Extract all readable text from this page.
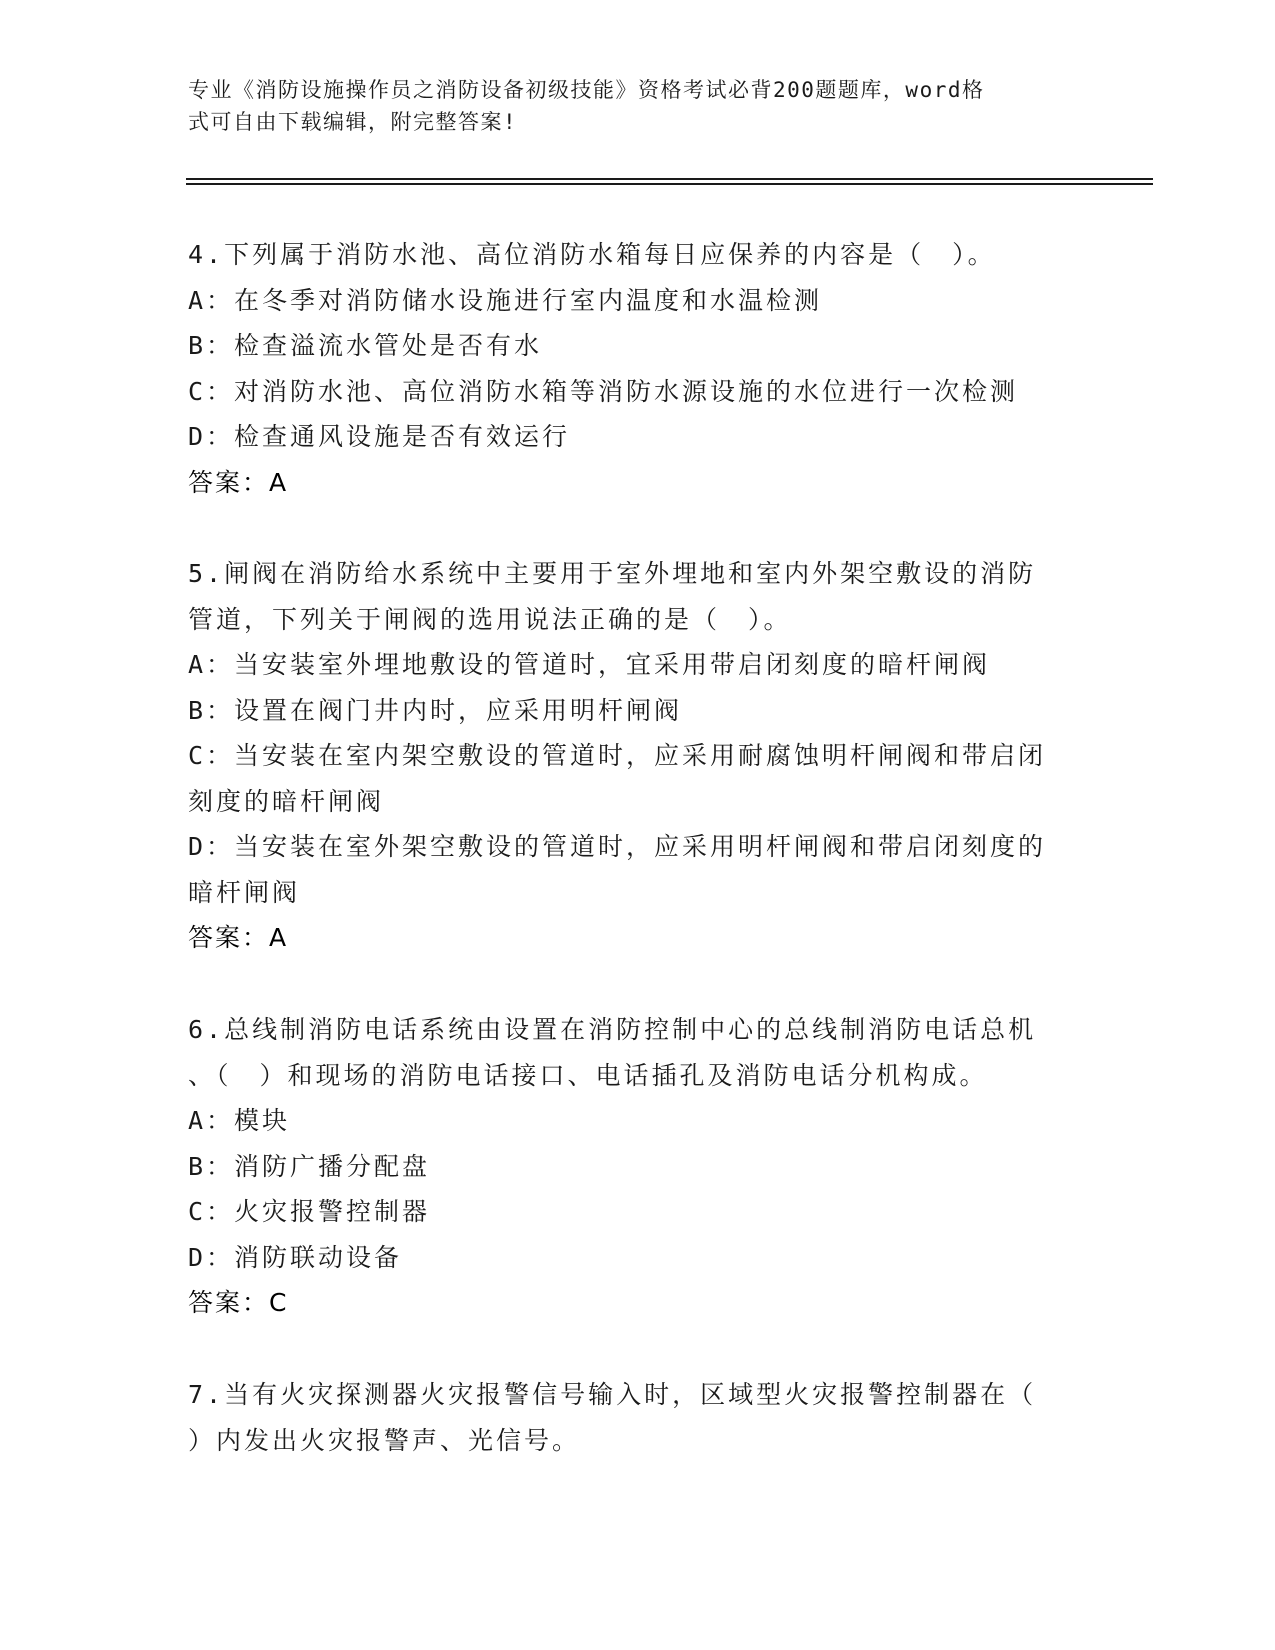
专业《消防设施操作员之消防设备初级技能》资格考试必背200题题库，word格
式可自由下载编辑，附完整答案!
4.下列属于消防水池、高位消防水箱每日应保养的内容是（　）。
A：在冬季对消防储水设施进行室内温度和水温检测
B：检查溢流水管处是否有水
C：对消防水池、高位消防水箱等消防水源设施的水位进行一次检测
D：检查通风设施是否有效运行
答案：A
5.闸阀在消防给水系统中主要用于室外埋地和室内外架空敷设的消防
管道，下列关于闸阀的选用说法正确的是（　）。
A：当安装室外埋地敷设的管道时，宜采用带启闭刻度的暗杆闸阀
B：设置在阀门井内时，应采用明杆闸阀
C：当安装在室内架空敷设的管道时，应采用耐腐蚀明杆闸阀和带启闭
刻度的暗杆闸阀
D：当安装在室外架空敷设的管道时，应采用明杆闸阀和带启闭刻度的
暗杆闸阀
答案：A
6.总线制消防电话系统由设置在消防控制中心的总线制消防电话总机
、（　）和现场的消防电话接口、电话插孔及消防电话分机构成。
A：模块
B：消防广播分配盘
C：火灾报警控制器
D：消防联动设备
答案：C
7.当有火灾探测器火灾报警信号输入时，区域型火灾报警控制器在（
）内发出火灾报警声、光信号。
